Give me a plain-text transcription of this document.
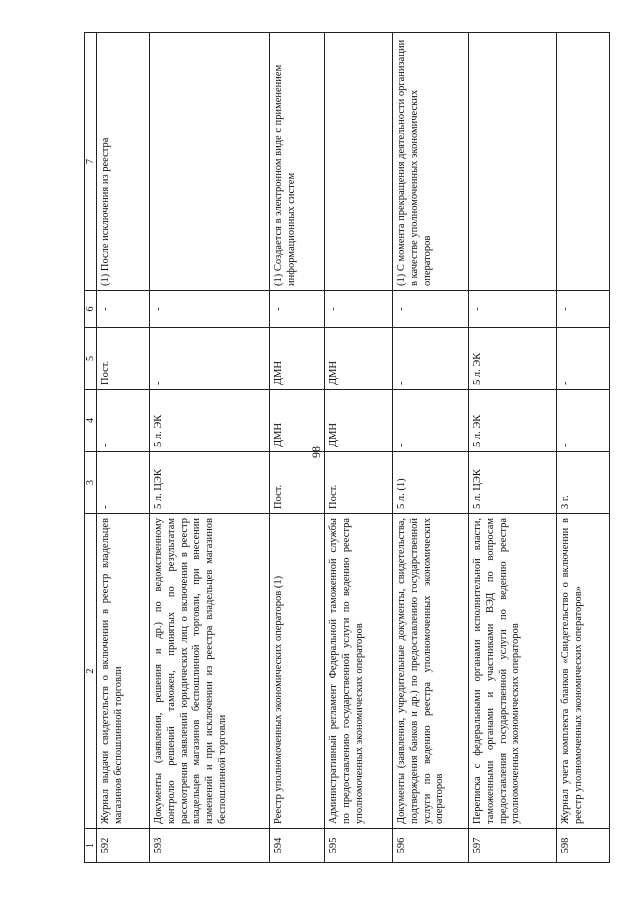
98
1	2	3	4	5	6	7
592	Журнал выдачи свидетельств о включении в реестр владельцев магазинов беспошлинной торговли	-	-	Пост.	-	(1) После исключения из реестра
593	Документы (заявления, решения и др.) по ведомственному контролю решений таможен, принятых по результатам рассмотрения заявлений юридических лиц о включении в реестр владельцев магазинов беспошлинной торговли, при внесении изменений и при исключении из реестра владельцев магазинов беспошлинной торговли	5 л. ЦЭК	5 л. ЭК	-	-	
594	Реестр уполномоченных экономических операторов (1)	Пост.	ДМН	ДМН	-	(1) Создается в электронном виде с применением информационных систем
595	Административный регламент Федеральной таможенной службы по предоставлению государственной услуги по ведению реестра уполномоченных экономических операторов	Пост.	ДМН	ДМН	-	
596	Документы (заявления, учредительные документы, свидетельства, подтверждения банков и др.) по предоставлению государственной услуги по ведению реестра уполномоченных экономических операторов	5 л. (1)	-	-	-	(1) С момента прекращения деятельности организации в качестве уполномоченных экономических операторов
597	Переписка с федеральными органами исполнительной власти, таможенными органами и участниками ВЭД по вопросам предоставления государственной услуги по ведению реестра уполномоченных экономических операторов	5 л. ЦЭК	5 л. ЭК	5 л. ЭК	-	
598	Журнал учета комплекта бланков «Свидетельство о включении в реестр уполномоченных экономических операторов»	3 г.	-	-	-	
